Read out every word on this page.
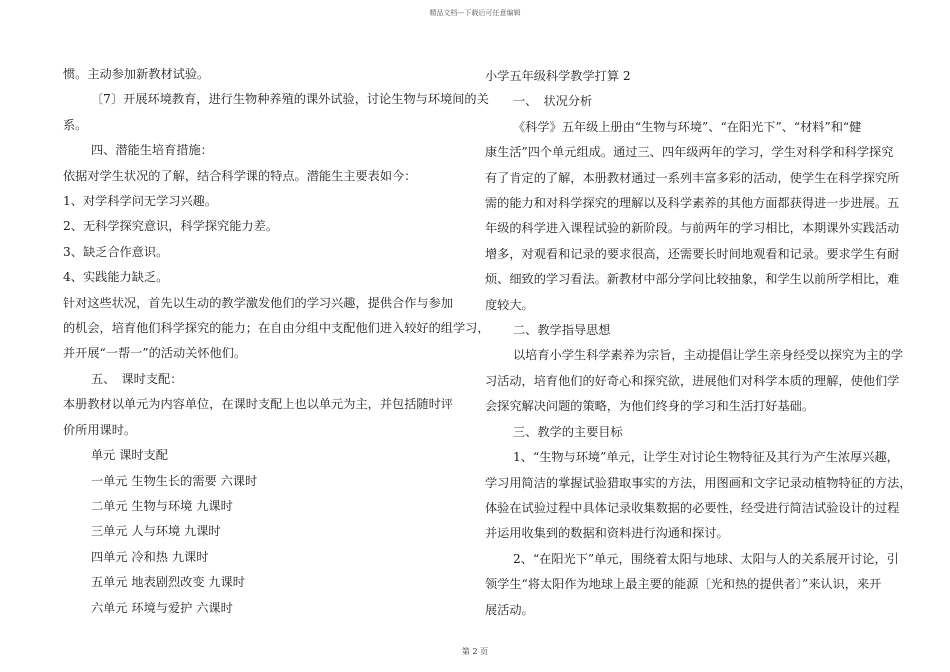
精品文档---下载后可任意编辑

惯。主动参加新教材试验。

〔7〕开展环境教育，进行生物种养殖的课外试验，讨论生物与环境间的关

系。

四、潜能生培育措施：

依据对学生状况的了解，结合科学课的特点。潜能生主要表如今：

1、对学科学问无学习兴趣。

2、无科学探究意识，科学探究能力差。

3、缺乏合作意识。

4、实践能力缺乏。

针对这些状况，首先以生动的教学激发他们的学习兴趣，提供合作与参加

的机会，培育他们科学探究的能力；在自由分组中支配他们进入较好的组学习，

并开展“一帮一”的活动关怀他们。

五、　课时支配：

本册教材以单元为内容单位，在课时支配上也以单元为主，并包括随时评

价所用课时。

单元 课时支配

一单元 生物生长的需要 六课时

二单元 生物与环境 九课时

三单元 人与环境 九课时

四单元 冷和热 九课时

五单元 地表剧烈改变 九课时

六单元 环境与爱护 六课时

小学五年级科学教学打算 2

一、　状况分析

《科学》五年级上册由“生物与环境”、“在阳光下”、“材料”和“健

康生活”四个单元组成。通过三、四年级两年的学习，学生对科学和科学探究

有了肯定的了解，本册教材通过一系列丰富多彩的活动，使学生在科学探究所

需的能力和对科学探究的理解以及科学素养的其他方面都获得进一步进展。五

年级的科学进入课程试验的新阶段。与前两年的学习相比，本期课外实践活动

增多，对观看和记录的要求很高，还需要长时间地观看和记录。要求学生有耐

烦、细致的学习看法。新教材中部分学问比较抽象，和学生以前所学相比，难

度较大。

二、教学指导思想

以培育小学生科学素养为宗旨，主动提倡让学生亲身经受以探究为主的学

习活动，培育他们的好奇心和探究欲，进展他们对科学本质的理解，使他们学

会探究解决问题的策略，为他们终身的学习和生活打好基础。

三、教学的主要目标

1、“生物与环境”单元，让学生对讨论生物特征及其行为产生浓厚兴趣，

学习用简洁的掌握试验猎取事实的方法，用图画和文字记录动植物特征的方法，

体验在试验过程中具体记录收集数据的必要性，经受进行简洁试验设计的过程

并运用收集到的数据和资料进行沟通和探讨。

2、“在阳光下”单元，围绕着太阳与地球、太阳与人的关系展开讨论，引

领学生“将太阳作为地球上最主要的能源〔光和热的提供者〕”来认识，来开

展活动。

第 2 页
